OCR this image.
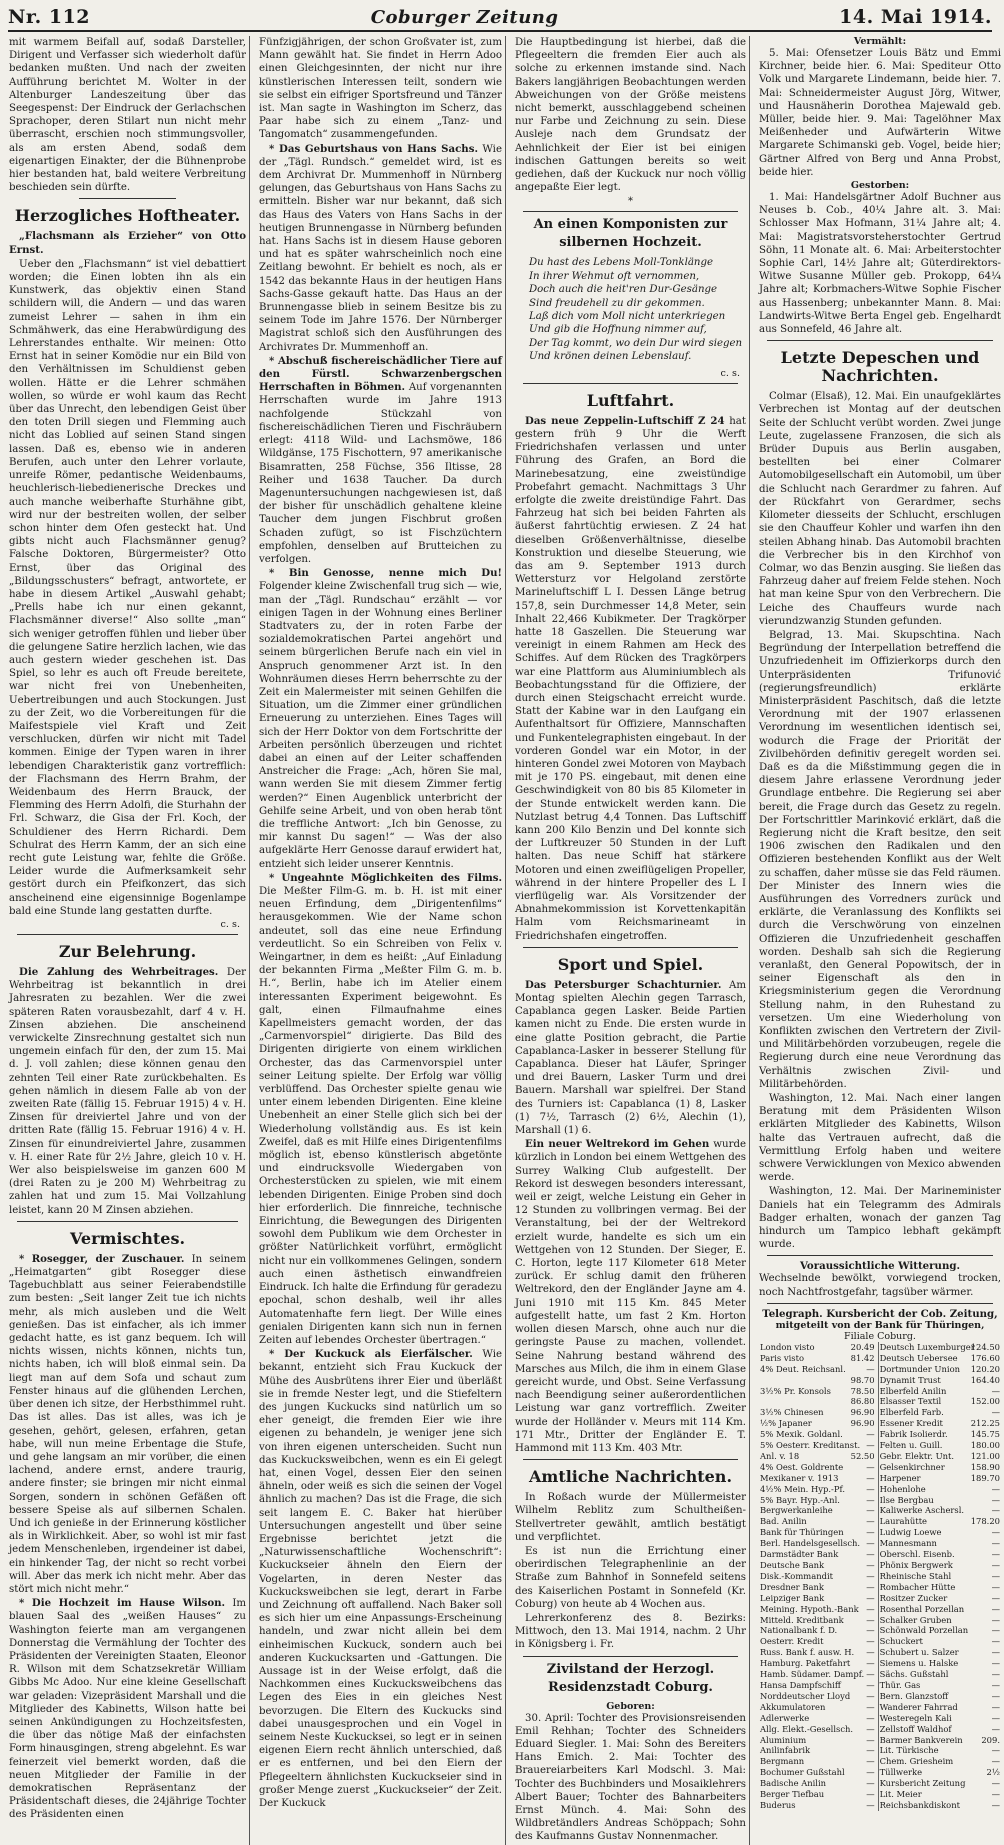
Nr. 112	Coburger Zeitung	14. Mai 1914.

mit warmem Beifall auf, sodaß Darsteller, Dirigent und Verfasser sich wiederholt dafür bedanken mußten. Und nach der zweiten Aufführung berichtet M. Wolter in der Altenburger Landeszeitung über das Seegespenst: Der Eindruck der Gerlachschen Sprachoper, deren Stilart nun nicht mehr überrascht, erschien noch stimmungsvoller, als am ersten Abend, sodaß dem eigenartigen Einakter, der die Bühnenprobe hier bestanden hat, bald weitere Verbreitung beschieden sein dürfte.

Herzogliches Hoftheater.

„Flachsmann als Erzieher“ von Otto Ernst.

Ueber den „Flachsmann“ ist viel debattiert worden; die Einen lobten ihn als ein Kunstwerk, das objektiv einen Stand schildern will, die Andern — und das waren zumeist Lehrer — sahen in ihm ein Schmähwerk, das eine Herabwürdigung des Lehrerstandes enthalte. Wir meinen: Otto Ernst hat in seiner Komödie nur ein Bild von den Verhältnissen im Schuldienst geben wollen. Hätte er die Lehrer schmähen wollen, so würde er wohl kaum das Recht über das Unrecht, den lebendigen Geist über den toten Drill siegen und Flemming auch nicht das Loblied auf seinen Stand singen lassen. Daß es, ebenso wie in anderen Berufen, auch unter den Lehrer vorlaute, unreife Römer, pedantische Weidenbaums, heuchlerisch-liebedienerische Dreckes und auch manche weiberhafte Sturhähne gibt, wird nur der bestreiten wollen, der selber schon hinter dem Ofen gesteckt hat. Und gibts nicht auch Flachsmänner genug? Falsche Doktoren, Bürgermeister? Otto Ernst, über das Original des „Bildungsschusters“ befragt, antwortete, er habe in diesem Artikel „Auswahl gehabt; „Prells habe ich nur einen gekannt, Flachsmänner diverse!“ Also sollte „man“ sich weniger getroffen fühlen und lieber über die gelungene Satire herzlich lachen, wie das auch gestern wieder geschehen ist. Das Spiel, so lehr es auch oft Freude bereitete, war nicht frei von Unebenheiten, Uebertreibungen und auch Stockungen. Just zu der Zeit, wo die Vorbereitungen für die Maifestspiele viel Kraft und Zeit verschlucken, dürfen wir nicht mit Tadel kommen. Einige der Typen waren in ihrer lebendigen Charakteristik ganz vortrefflich: der Flachsmann des Herrn Brahm, der Weidenbaum des Herrn Brauck, der Flemming des Herrn Adolfi, die Sturhahn der Frl. Schwarz, die Gisa der Frl. Koch, der Schuldiener des Herrn Richardi. Dem Schulrat des Herrn Kamm, der an sich eine recht gute Leistung war, fehlte die Größe. Leider wurde die Aufmerksamkeit sehr gestört durch ein Pfeifkonzert, das sich anscheinend eine eigensinnige Bogenlampe bald eine Stunde lang gestatten durfte.

c. s.
Zur Belehrung.

Die Zahlung des Wehrbeitrages. Der Wehrbeitrag ist bekanntlich in drei Jahresraten zu bezahlen. Wer die zwei späteren Raten vorausbezahlt, darf 4 v. H. Zinsen abziehen. Die anscheinend verwickelte Zinsrechnung gestaltet sich nun ungemein einfach für den, der zum 15. Mai d. J. voll zahlen; diese können genau den zehnten Teil einer Rate zurückbehalten. Es gehen nämlich in diesem Falle ab von der zweiten Rate (fällig 15. Februar 1915) 4 v. H. Zinsen für dreiviertel Jahre und von der dritten Rate (fällig 15. Februar 1916) 4 v. H. Zinsen für einundreiviertel Jahre, zusammen v. H. einer Rate für 2½ Jahre, gleich 10 v. H. Wer also beispielsweise im ganzen 600 M (drei Raten zu je 200 M) Wehrbeitrag zu zahlen hat und zum 15. Mai Vollzahlung leistet, kann 20 M Zinsen abziehen.

Vermischtes.

* Rosegger, der Zuschauer. In seinem „Heimatgarten“ gibt Rosegger diese Tagebuchblatt aus seiner Feierabendstille zum besten: „Seit langer Zeit tue ich nichts mehr, als mich ausleben und die Welt genießen. Das ist einfacher, als ich immer gedacht hatte, es ist ganz bequem. Ich will nichts wissen, nichts können, nichts tun, nichts haben, ich will bloß einmal sein. Da liegt man auf dem Sofa und schaut zum Fenster hinaus auf die glühenden Lerchen, über denen ich sitze, der Herbsthimmel ruht. Das ist alles. Das ist alles, was ich je gesehen, gehört, gelesen, erfahren, getan habe, will nun meine Erbentage die Stufe, und gehe langsam an mir vorüber, die einen lachend, andere ernst, andere traurig, andere finster; sie bringen mir nicht einmal Sorgen, sondern in schönen Gefäßen oft bessere Speise als auf silbernen Schalen. Und ich genieße in der Erinnerung köstlicher als in Wirklichkeit. Aber, so wohl ist mir fast jedem Menschenleben, irgendeiner ist dabei, ein hinkender Tag, der nicht so recht vorbei will. Aber das merk ich nicht mehr. Aber das stört mich nicht mehr.“

* Die Hochzeit im Hause Wilson. Im blauen Saal des „weißen Hauses“ zu Washington feierte man am vergangenen Donnerstag die Vermählung der Tochter des Präsidenten der Vereinigten Staaten, Eleonor R. Wilson mit dem Schatzsekretär William Gibbs Mc Adoo. Nur eine kleine Gesellschaft war geladen: Vizepräsident Marshall und die Mitglieder des Kabinetts, Wilson hatte bei seinen Ankündigungen zu Hochzeitsfesten, die über das nötige Maß der einfachsten Form hinausgingen, streng abgelehnt. Es war feinerzeit viel bemerkt worden, daß die neuen Mitglieder der Familie in der demokratischen Repräsentanz der Präsidentschaft dieses, die 24jährige Tochter des Präsidenten einen

Fünfzigjährigen, der schon Großvater ist, zum Mann gewählt hat. Sie findet in Herrn Adoo einen Gleichgesinnten, der nicht nur ihre künstlerischen Interessen teilt, sondern wie sie selbst ein eifriger Sportsfreund und Tänzer ist. Man sagte in Washington im Scherz, das Paar habe sich zu einem „Tanz- und Tangomatch“ zusammengefunden.

* Das Geburtshaus von Hans Sachs. Wie der „Tägl. Rundsch.“ gemeldet wird, ist es dem Archivrat Dr. Mummenhoff in Nürnberg gelungen, das Geburtshaus von Hans Sachs zu ermitteln. Bisher war nur bekannt, daß sich das Haus des Vaters von Hans Sachs in der heutigen Brunnengasse in Nürnberg befunden hat. Hans Sachs ist in diesem Hause geboren und hat es später wahrscheinlich noch eine Zeitlang bewohnt. Er behielt es noch, als er 1542 das bekannte Haus in der heutigen Hans Sachs-Gasse gekauft hatte. Das Haus an der Brunnengasse blieb in seinem Besitze bis zu seinem Tode im Jahre 1576. Der Nürnberger Magistrat schloß sich den Ausführungen des Archivrates Dr. Mummenhoff an.

* Abschuß fischereischädlicher Tiere auf den Fürstl. Schwarzenbergschen Herrschaften in Böhmen. Auf vorgenannten Herrschaften wurde im Jahre 1913 nachfolgende Stückzahl von fischereischädlichen Tieren und Fischräubern erlegt: 4118 Wild- und Lachsmöwe, 186 Wildgänse, 175 Fischottern, 97 amerikanische Bisamratten, 258 Füchse, 356 Iltisse, 28 Reiher und 1638 Taucher. Da durch Magenuntersuchungen nachgewiesen ist, daß der bisher für unschädlich gehaltene kleine Taucher dem jungen Fischbrut großen Schaden zufügt, so ist Fischzüchtern empfohlen, denselben auf Brutteichen zu verfolgen.

* Bin Genosse, nenne mich Du! Folgender kleine Zwischenfall trug sich — wie, man der „Tägl. Rundschau“ erzählt — vor einigen Tagen in der Wohnung eines Berliner Stadtvaters zu, der in roten Farbe der sozialdemokratischen Partei angehört und seinem bürgerlichen Berufe nach ein viel in Anspruch genommener Arzt ist. In den Wohnräumen dieses Herrn beherrschte zu der Zeit ein Malermeister mit seinen Gehilfen die Situation, um die Zimmer einer gründlichen Erneuerung zu unterziehen. Eines Tages will sich der Herr Doktor von dem Fortschritte der Arbeiten persönlich überzeugen und richtet dabei an einen auf der Leiter schaffenden Anstreicher die Frage: „Ach, hören Sie mal, wann werden Sie mit diesem Zimmer fertig werden?“ Einen Augenblick unterbricht der Gehilfe seine Arbeit, und von oben herab tönt die treffliche Antwort: „Ich bin Genosse, zu mir kannst Du sagen!“ — Was der also aufgeklärte Herr Genosse darauf erwidert hat, entzieht sich leider unserer Kenntnis.

* Ungeahnte Möglichkeiten des Films. Die Meßter Film-G. m. b. H. ist mit einer neuen Erfindung, dem „Dirigentenfilms“ herausgekommen. Wie der Name schon andeutet, soll das eine neue Erfindung verdeutlicht. So ein Schreiben von Felix v. Weingartner, in dem es heißt: „Auf Einladung der bekannten Firma „Meßter Film G. m. b. H.“, Berlin, habe ich im Atelier einem interessanten Experiment beigewohnt. Es galt, einen Filmaufnahme eines Kapellmeisters gemacht worden, der das „Carmenvorspiel“ dirigierte. Das Bild des Dirigenten dirigierte von einem wirklichen Orchester, das das Carmenvorspiel unter seiner Leitung spielte. Der Erfolg war völlig verblüffend. Das Orchester spielte genau wie unter einem lebenden Dirigenten. Eine kleine Unebenheit an einer Stelle glich sich bei der Wiederholung vollständig aus. Es ist kein Zweifel, daß es mit Hilfe eines Dirigentenfilms möglich ist, ebenso künstlerisch abgetönte und eindrucksvolle Wiedergaben von Orchesterstücken zu spielen, wie mit einem lebenden Dirigenten. Einige Proben sind doch hier erforderlich. Die finnreiche, technische Einrichtung, die Bewegungen des Dirigenten sowohl dem Publikum wie dem Orchester in größter Natürlichkeit vorführt, ermöglicht nicht nur ein vollkommenes Gelingen, sondern auch einen ästhetisch einwandfreien Eindruck. Ich halte die Erfindung für geradezu epochal, schon deshalb, weil ihr alles Automatenhafte fern liegt. Der Wille eines genialen Dirigenten kann sich nun in fernen Zeiten auf lebendes Orchester übertragen.“

* Der Kuckuck als Eierfälscher. Wie bekannt, entzieht sich Frau Kuckuck der Mühe des Ausbrütens ihrer Eier und überläßt sie in fremde Nester legt, und die Stiefeltern des jungen Kuckucks sind natürlich um so eher geneigt, die fremden Eier wie ihre eigenen zu behandeln, je weniger jene sich von ihren eigenen unterscheiden. Sucht nun das Kuckucksweibchen, wenn es ein Ei gelegt hat, einen Vogel, dessen Eier den seinen ähneln, oder weiß es sich die seinen der Vogel ähnlich zu machen? Das ist die Frage, die sich seit langem E. C. Baker hat hierüber Untersuchungen angestellt und über seine Ergebnisse berichtet jetzt die „Naturwissenschaftliche Wochenschrift“: Kuckuckseier ähneln den Eiern der Vogelarten, in deren Nester das Kuckucksweibchen sie legt, derart in Farbe und Zeichnung oft auffallend. Nach Baker soll es sich hier um eine Anpassungs-Erscheinung handeln, und zwar nicht allein bei dem einheimischen Kuckuck, sondern auch bei anderen Kuckucksarten und -Gattungen. Die Aussage ist in der Weise erfolgt, daß die Nachkommen eines Kuckucksweibchens das Legen des Eies in ein gleiches Nest bevorzugen. Die Eltern des Kuckucks sind dabei unausgesprochen und ein Vogel in seinem Neste Kuckucksei, so legt er in seinen eigenen Eiern recht ähnlich unterschied, daß er es entfernen, und bei den Eiern der Pflegeeltern ähnlichsten Kuckuckseier sind in großer Menge zuerst „Kuckuckseier“ der Zeit. Der Kuckuck

Die Hauptbedingung ist hierbei, daß die Pflegeeltern die fremden Eier auch als solche zu erkennen imstande sind. Nach Bakers langjährigen Beobachtungen werden Abweichungen von der Größe meistens nicht bemerkt, ausschlaggebend scheinen nur Farbe und Zeichnung zu sein. Diese Ausleje nach dem Grundsatz der Aehnlichkeit der Eier ist bei einigen indischen Gattungen bereits so weit gediehen, daß der Kuckuck nur noch völlig angepaßte Eier legt.

*
An einen Komponisten zur silbernen Hochzeit.
Du hast des Lebens Moll-Tonklänge
In ihrer Wehmut oft vernommen,
Doch auch die heit'ren Dur-Gesänge
Sind freudehell zu dir gekommen.
Laß dich vom Moll nicht unterkriegen
Und gib die Hoffnung nimmer auf,
Der Tag kommt, wo dein Dur wird siegen
Und krönen deinen Lebenslauf.
c. s.
Luftfahrt.

Das neue Zeppelin-Luftschiff Z 24 hat gestern früh 9 Uhr die Werft Friedrichshafen verlassen und unter Führung des Grafen, an Bord die Marinebesatzung, eine zweistündige Probefahrt gemacht. Nachmittags 3 Uhr erfolgte die zweite dreistündige Fahrt. Das Fahrzeug hat sich bei beiden Fahrten als äußerst fahrtüchtig erwiesen. Z 24 hat dieselben Größenverhältnisse, dieselbe Konstruktion und dieselbe Steuerung, wie das am 9. September 1913 durch Wettersturz vor Helgoland zerstörte Marineluftschiff L I. Dessen Länge betrug 157,8, sein Durchmesser 14,8 Meter, sein Inhalt 22,466 Kubikmeter. Der Tragkörper hatte 18 Gaszellen. Die Steuerung war vereinigt in einem Rahmen am Heck des Schiffes. Auf dem Rücken des Tragkörpers war eine Plattform aus Aluminiumblech als Beobachtungsstand für die Offiziere, der durch einen Steigschacht erreicht wurde. Statt der Kabine war in den Laufgang ein Aufenthaltsort für Offiziere, Mannschaften und Funkentelegraphisten eingebaut. In der vorderen Gondel war ein Motor, in der hinteren Gondel zwei Motoren von Maybach mit je 170 PS. eingebaut, mit denen eine Geschwindigkeit von 80 bis 85 Kilometer in der Stunde entwickelt werden kann. Die Nutzlast betrug 4,4 Tonnen. Das Luftschiff kann 200 Kilo Benzin und Del konnte sich der Luftkreuzer 50 Stunden in der Luft halten. Das neue Schiff hat stärkere Motoren und einen zweiflügeligen Propeller, während in der hintere Propeller des L I vierflügelig war. Als Vorsitzender der Abnahmekommission ist Korvettenkapitän Halm vom Reichsmarineamt in Friedrichshafen eingetroffen.

Sport und Spiel.

Das Petersburger Schachturnier. Am Montag spielten Alechin gegen Tarrasch, Capablanca gegen Lasker. Beide Partien kamen nicht zu Ende. Die ersten wurde in eine glatte Position gebracht, die Partie Capablanca-Lasker in besserer Stellung für Capablanca. Dieser hat Läufer, Springer und drei Bauern, Lasker Turm und drei Bauern. Marshall war spielfrei. Der Stand des Turniers ist: Capablanca (1) 8, Lasker (1) 7½, Tarrasch (2) 6½, Alechin (1), Marshall (1) 6.

Ein neuer Weltrekord im Gehen wurde kürzlich in London bei einem Wettgehen des Surrey Walking Club aufgestellt. Der Rekord ist deswegen besonders interessant, weil er zeigt, welche Leistung ein Geher in 12 Stunden zu vollbringen vermag. Bei der Veranstaltung, bei der der Weltrekord erzielt wurde, handelte es sich um ein Wettgehen von 12 Stunden. Der Sieger, E. C. Horton, legte 117 Kilometer 618 Meter zurück. Er schlug damit den früheren Weltrekord, den der Engländer Jayne am 4. Juni 1910 mit 115 Km. 845 Meter aufgestellt hatte, um fast 2 Km. Horton wollen diesen Marsch, ohne auch nur die geringste Pause zu machen, vollendet. Seine Nahrung bestand während des Marsches aus Milch, die ihm in einem Glase gereicht wurde, und Obst. Seine Verfassung nach Beendigung seiner außerordentlichen Leistung war ganz vortrefflich. Zweiter wurde der Holländer v. Meurs mit 114 Km. 171 Mtr., Dritter der Engländer E. T. Hammond mit 113 Km. 403 Mtr.

Amtliche Nachrichten.

In Roßach wurde der Müllermeister Wilhelm Reblitz zum Schultheißen-Stellvertreter gewählt, amtlich bestätigt und verpflichtet.

Es ist nun die Errichtung einer oberirdischen Telegraphenlinie an der Straße zum Bahnhof in Sonnefeld seitens des Kaiserlichen Postamt in Sonnefeld (Kr. Coburg) von heute ab 4 Wochen aus.

Lehrerkonferenz des 8. Bezirks: Mittwoch, den 13. Mai 1914, nachm. 2 Uhr in Königsberg i. Fr.

Zivilstand der Herzogl. Residenzstadt Coburg.
Geboren:

30. April: Tochter des Provisionsreisenden Emil Rehhan; Tochter des Schneiders Eduard Siegler. 1. Mai: Sohn des Bereiters Hans Emich. 2. Mai: Tochter des Brauereiarbeiters Karl Modschl. 3. Mai: Tochter des Buchbinders und Mosaiklehrers Albert Bauer; Tochter des Bahnarbeiters Ernst Münch. 4. Mai: Sohn des Wildbretändlers Andreas Schöppach; Sohn des Kaufmanns Gustav Nonnenmacher.

Vermählt:

5. Mai: Ofensetzer Louis Bätz und Emmi Kirchner, beide hier. 6. Mai: Spediteur Otto Volk und Margarete Lindemann, beide hier. 7. Mai: Schneidermeister August Jörg, Witwer, und Hausnäherin Dorothea Majewald geb. Müller, beide hier. 9. Mai: Tagelöhner Max Meißenheder und Aufwärterin Witwe Margarete Schimanski geb. Vogel, beide hier; Gärtner Alfred von Berg und Anna Probst, beide hier.

Gestorben:

1. Mai: Handelsgärtner Adolf Buchner aus Neuses b. Cob., 40¼ Jahre alt. 3. Mai: Schlosser Max Hofmann, 31¼ Jahre alt; 4. Mai: Magistratsvorsteherstochter Gertrud Söhn, 11 Monate alt. 6. Mai: Arbeiterstochter Sophie Carl, 14½ Jahre alt; Güterdirektors-Witwe Susanne Müller geb. Prokopp, 64¼ Jahre alt; Korbmachers-Witwe Sophie Fischer aus Hassenberg; unbekannter Mann. 8. Mai: Landwirts-Witwe Berta Engel geb. Engelhardt aus Sonnefeld, 46 Jahre alt.

Letzte Depeschen und Nachrichten.

Colmar (Elsaß), 12. Mai. Ein unaufgeklärtes Verbrechen ist Montag auf der deutschen Seite der Schlucht verübt worden. Zwei junge Leute, zugelassene Franzosen, die sich als Brüder Dupuis aus Berlin ausgaben, bestellten bei einer Colmarer Automobilgesellschaft ein Automobil, um über die Schlucht nach Gerardmer zu fahren. Auf der Rückfahrt von Gerardmer, sechs Kilometer diesseits der Schlucht, erschlugen sie den Chauffeur Kohler und warfen ihn den steilen Abhang hinab. Das Automobil brachten die Verbrecher bis in den Kirchhof von Colmar, wo das Benzin ausging. Sie ließen das Fahrzeug daher auf freiem Felde stehen. Noch hat man keine Spur von den Verbrechern. Die Leiche des Chauffeurs wurde nach vierundzwanzig Stunden gefunden.

Belgrad, 13. Mai. Skupschtina. Nach Begründung der Interpellation betreffend die Unzufriedenheit im Offizierkorps durch den Unterpräsidenten Trifunović (regierungsfreundlich) erklärte Ministerpräsident Paschitsch, daß die letzte Verordnung mit der 1907 erlassenen Verordnung im wesentlichen identisch sei, wodurch die Frage der Priorität der Zivilbehörden definitiv geregelt worden sei. Daß es da die Mißstimmung gegen die in diesem Jahre erlassene Verordnung jeder Grundlage entbehre. Die Regierung sei aber bereit, die Frage durch das Gesetz zu regeln. Der Fortschrittler Marinković erklärt, daß die Regierung nicht die Kraft besitze, den seit 1906 zwischen den Radikalen und den Offizieren bestehenden Konflikt aus der Welt zu schaffen, daher müsse sie das Feld räumen. Der Minister des Innern wies die Ausführungen des Vorredners zurück und erklärte, die Veranlassung des Konflikts sei durch die Verschwörung von einzelnen Offizieren die Unzufriedenheit geschaffen worden. Deshalb sah sich die Regierung veranlaßt, den General Popowitsch, der in seiner Eigenschaft als den in Kriegsministerium gegen die Verordnung Stellung nahm, in den Ruhestand zu versetzen. Um eine Wiederholung von Konflikten zwischen den Vertretern der Zivil- und Militärbehörden vorzubeugen, regele die Regierung durch eine neue Verordnung das Verhältnis zwischen Zivil- und Militärbehörden.

Washington, 12. Mai. Nach einer langen Beratung mit dem Präsidenten Wilson erklärten Mitglieder des Kabinetts, Wilson halte das Vertrauen aufrecht, daß die Vermittlung Erfolg haben und weitere schwere Verwicklungen von Mexico abwenden werde.

Washington, 12. Mai. Der Marineminister Daniels hat ein Telegramm des Admirals Badger erhalten, wonach der ganzen Tag hindurch um Tampico lebhaft gekämpft wurde.

Voraussichtliche Witterung.

Wechselnde bewölkt, vorwiegend trocken, noch Nachtfrostgefahr, tagsüber wärmer.

Telegraph. Kursbericht der Cob. Zeitung,
mitgeteilt von der Bank für Thüringen,
Filiale Coburg.
London visto	20.49	Deutsch Luxemburger	124.50
Paris visto	81.42	Deutsch Uebersee	176.60
4% Deut. Reichsanl.	—	Dortmunder Union	120.20
	98.70	Dynamit Trust	164.40
3½% Pr. Konsols	78.50	Elberfeld Anilin	—
	86.80	Elsasser Textil	152.00
3½% Chinesen	96.90	Elberfeld Farb.	—
½% Japaner	96.90	Essener Kredit	212.25
5% Mexik. Goldanl.	—	Fabrik Isolierdr.	145.75
5% Oesterr. Kreditanst.	—	Felten u. Guill.	180.00
Anl. v. 18	52.50	Gebr. Elektr. Unt.	121.00
4% Oest. Goldrente	—	Gelsenkirchner	158.90
Mexikaner v. 1913	—	Harpener	189.70
4½% Mein. Hyp.-Pf.	—	Hohenlohe	—
5% Bayr. Hyp.-Anl.	—	Ilse Bergbau	—
Bergwerkanleihe	—	Kaliwerke Aschersl.	—
Bad. Anilin	—	Laurahütte	178.20
Bank für Thüringen	—	Ludwig Loewe	—
Berl. Handelsgesellsch.	—	Mannesmann	—
Darmstädter Bank	—	Oberschl. Eisenb.	—
Deutsche Bank	—	Phönix Bergwerk	—
Disk.-Kommandit	—	Rheinische Stahl	—
Dresdner Bank	—	Rombacher Hütte	—
Leipziger Bank	—	Rositzer Zucker	—
Meining. Hypoth.-Bank	—	Rosenthal Porzellan	—
Mitteld. Kreditbank	—	Schalker Gruben	—
Nationalbank f. D.	—	Schönwald Porzellan	—
Oesterr. Kredit	—	Schuckert	—
Russ. Bank f. ausw. H.	—	Schubert u. Salzer	—
Hamburg. Paketfahrt	—	Siemens u. Halske	—
Hamb. Südamer. Dampf.	—	Sächs. Gußstahl	—
Hansa Dampfschiff	—	Thür. Gas	—
Norddeutscher Lloyd	—	Bern. Glanzstoff	—
Akkumulatoren	—	Wanderer Fahrrad	—
Adlerwerke	—	Westeregeln Kali	—
Allg. Elekt.-Gesellsch.	—	Zellstoff Waldhof	—
Aluminium	—	Barmer Bankverein	209.
Anilinfabrik	—	Lit. Türkische	—
Bergmann	—	Chem. Griesheim	—
Bochumer Gußstahl	—	Tüllwerke	2½
Badische Anilin	—	Kursbericht Zeitung	—
Berger Tiefbau	—	Lit. Meier	—
Buderus	—	Reichsbankdiskont	—
